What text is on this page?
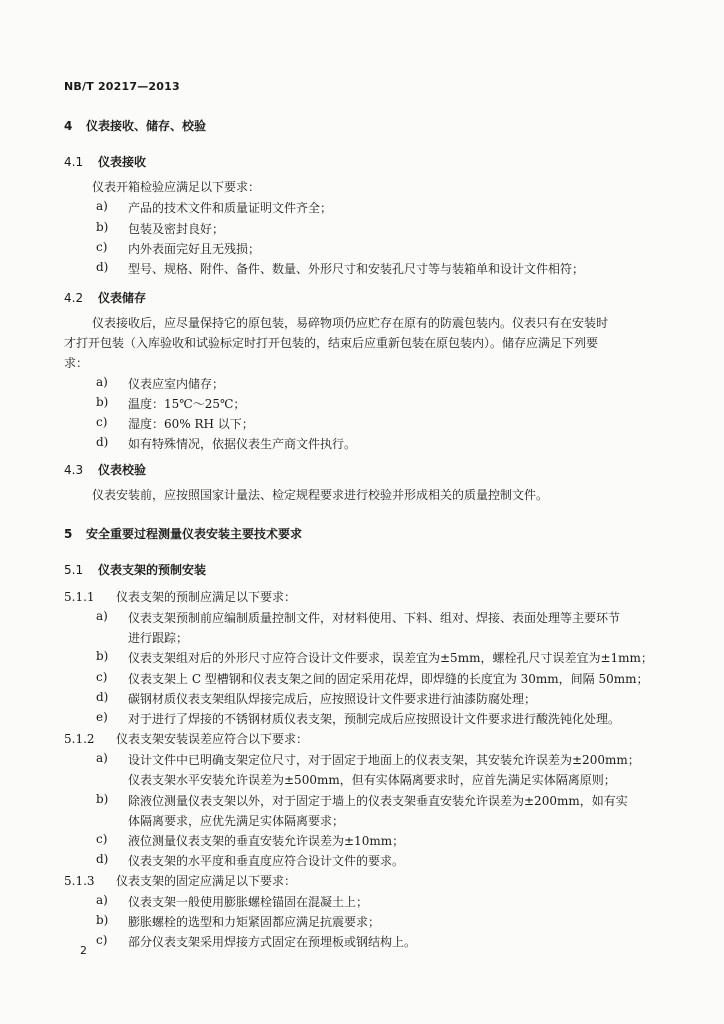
NB/T 20217—2013
4 仪表接收、储存、校验
4.1 仪表接收
仪表开箱检验应满足以下要求：
a) 产品的技术文件和质量证明文件齐全；
b) 包装及密封良好；
c) 内外表面完好且无残损；
d) 型号、规格、附件、备件、数量、外形尺寸和安装孔尺寸等与装箱单和设计文件相符；
4.2 仪表储存
仪表接收后，应尽量保持它的原包装，易碎物项仍应贮存在原有的防震包装内。仪表只有在安装时
才打开包装（入库验收和试验标定时打开包装的，结束后应重新包装在原包装内）。储存应满足下列要
求：
a) 仪表应室内储存；
b) 温度：15℃～25℃；
c) 湿度：60% RH 以下；
d) 如有特殊情况，依据仪表生产商文件执行。
4.3 仪表校验
仪表安装前，应按照国家计量法、检定规程要求进行校验并形成相关的质量控制文件。
5 安全重要过程测量仪表安装主要技术要求
5.1 仪表支架的预制安装
5.1.1 仪表支架的预制应满足以下要求：
a) 仪表支架预制前应编制质量控制文件，对材料使用、下料、组对、焊接、表面处理等主要环节
进行跟踪；
b) 仪表支架组对后的外形尺寸应符合设计文件要求，误差宜为±5mm，螺栓孔尺寸误差宜为±1mm；
c) 仪表支架上 C 型槽钢和仪表支架之间的固定采用花焊，即焊缝的长度宜为 30mm，间隔 50mm；
d) 碳钢材质仪表支架组队焊接完成后，应按照设计文件要求进行油漆防腐处理；
e) 对于进行了焊接的不锈钢材质仪表支架，预制完成后应按照设计文件要求进行酸洗钝化处理。
5.1.2 仪表支架安装误差应符合以下要求：
a) 设计文件中已明确支架定位尺寸，对于固定于地面上的仪表支架，其安装允许误差为±200mm；
仪表支架水平安装允许误差为±500mm，但有实体隔离要求时，应首先满足实体隔离原则；
b) 除液位测量仪表支架以外，对于固定于墙上的仪表支架垂直安装允许误差为±200mm，如有实
体隔离要求，应优先满足实体隔离要求；
c) 液位测量仪表支架的垂直安装允许误差为±10mm；
d) 仪表支架的水平度和垂直度应符合设计文件的要求。
5.1.3 仪表支架的固定应满足以下要求：
a) 仪表支架一般使用膨胀螺栓锚固在混凝土上；
b) 膨胀螺栓的选型和力矩紧固都应满足抗震要求；
c) 部分仪表支架采用焊接方式固定在预埋板或钢结构上。
2
